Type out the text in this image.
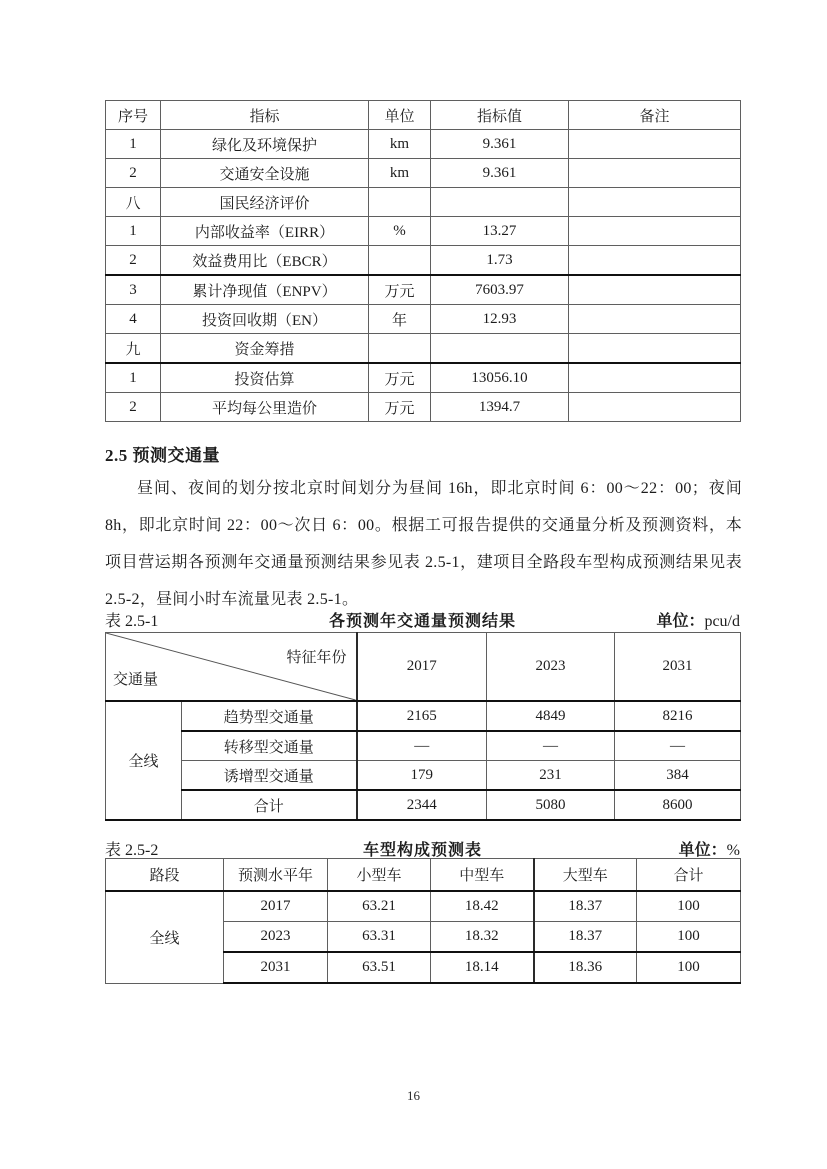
序号	指标	单位	指标值	备注
1	绿化及环境保护	km	9.361	
2	交通安全设施	km	9.361	
八	国民经济评价			
1	内部收益率（EIRR）	%	13.27	
2	效益费用比（EBCR）		1.73	
3	累计净现值（ENPV）	万元	7603.97	
4	投资回收期（EN）	年	12.93	
九	资金筹措			
1	投资估算	万元	13056.10	
2	平均每公里造价	万元	1394.7	
2.5 预测交通量
昼间、夜间的划分按北京时间划分为昼间 16h，即北京时间 6：00～22：00；夜间 8h，即北京时间 22：00～次日 6：00。根据工可报告提供的交通量分析及预测资料，本项目营运期各预测年交通量预测结果参见表 2.5-1，建项目全路段车型构成预测结果见表 2.5-2，昼间小时车流量见表 2.5-1。
表 2.5-1	各预测年交通量预测结果	单位：pcu/d
特征年份
交通量		2017	2023	2031
全线	趋势型交通量	2165	4849	8216
	转移型交通量	—	—	—
	诱增型交通量	179	231	384
	合计	2344	5080	8600
表 2.5-2	车型构成预测表	单位：%
路段	预测水平年	小型车	中型车	大型车	合计
全线	2017	63.21	18.42	18.37	100
	2023	63.31	18.32	18.37	100
	2031	63.51	18.14	18.36	100
16
